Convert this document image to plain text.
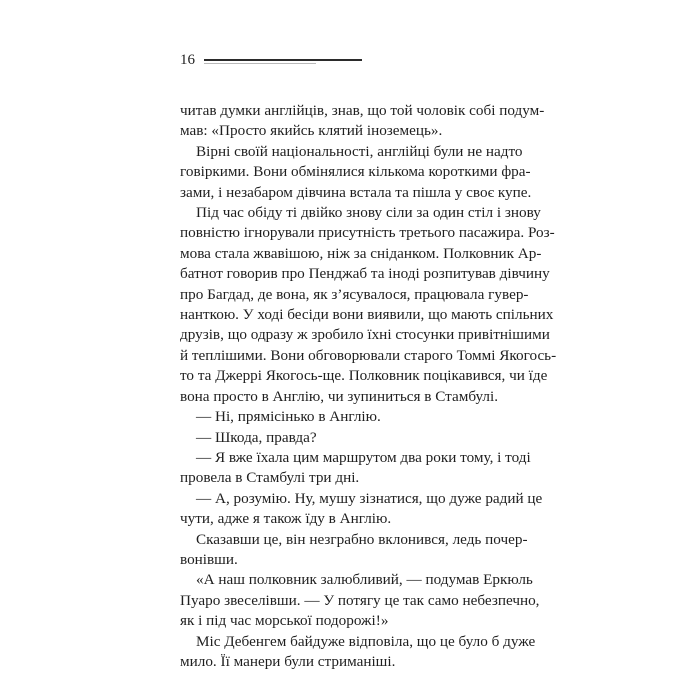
16
читав думки англійців, знав, що той чоловік собі подум-
мав: «Просто якийсь клятий іноземець».
Вірні своїй національності, англійці були не надто
говіркими. Вони обмінялися кількома короткими фра-
зами, і незабаром дівчина встала та пішла у своє купе.
Під час обіду ті двійко знову сіли за один стіл і знову
повністю ігнорували присутність третього пасажира. Роз-
мова стала жвавішою, ніж за сніданком. Полковник Ар-
батнот говорив про Пенджаб та іноді розпитував дівчину
про Багдад, де вона, як з’ясувалося, працювала гувер-
нанткою. У ході бесіди вони виявили, що мають спільних
друзів, що одразу ж зробило їхні стосунки привітнішими
й теплішими. Вони обговорювали старого Томмі Якогось-
то та Джеррі Якогось-ще. Полковник поцікавився, чи їде
вона просто в Англію, чи зупиниться в Стамбулі.
— Ні, прямісінько в Англію.
— Шкода, правда?
— Я вже їхала цим маршрутом два роки тому, і тоді
провела в Стамбулі три дні.
— А, розумію. Ну, мушу зізнатися, що дуже радий це
чути, адже я також їду в Англію.
Сказавши це, він незграбно вклонився, ледь почер-
вонівши.
«А наш полковник залюбливий, — подумав Еркюль
Пуаро звеселівши. — У потягу це так само небезпечно,
як і під час морської подорожі!»
Міс Дебенгем байдуже відповіла, що це було б дуже
мило. Її манери були стриманіші.
